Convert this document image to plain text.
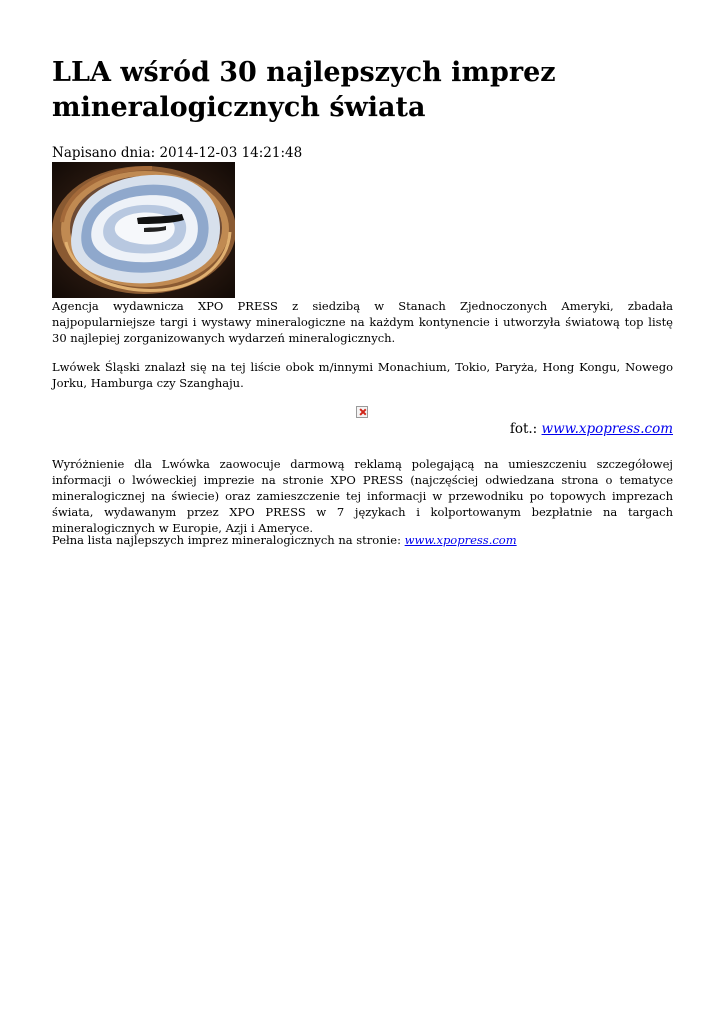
LLA wśród 30 najlepszych imprez mineralogicznych świata
Napisano dnia: 2014-12-03 14:21:48

Agencja wydawnicza XPO PRESS z siedzibą w Stanach Zjednoczonych Ameryki, zbadała najpopularniejsze targi i wystawy mineralogiczne na każdym kontynencie i utworzyła światową top listę 30 najlepiej zorganizowanych wydarzeń mineralogicznych.

Lwówek Śląski znalazł się na tej liście obok m/innymi Monachium, Tokio, Paryża, Hong Kongu, Nowego Jorku, Hamburga czy Szanghaju.

fot.: www.xpopress.com

Wyróżnienie dla Lwówka zaowocuje darmową reklamą polegającą na umieszczeniu szczegółowej informacji o lwóweckiej imprezie na stronie XPO PRESS (najczęściej odwiedzana strona o tematyce mineralogicznej na świecie) oraz zamieszczenie tej informacji w przewodniku po topowych imprezach świata, wydawanym przez XPO PRESS w 7 językach i kolportowanym bezpłatnie na targach mineralogicznych w Europie, Azji i Ameryce.

Pełna lista najlepszych imprez mineralogicznych na stronie: www.xpopress.com
